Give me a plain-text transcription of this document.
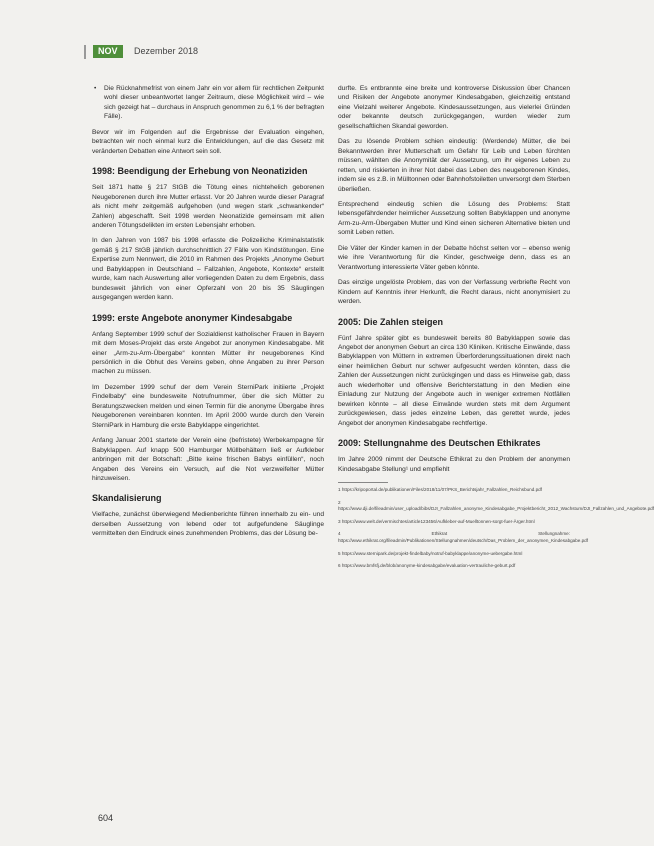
NOV	Dezember 2018
• Die Rücknahmefrist von einem Jahr ein vor allem für rechtlichen Zeitpunkt wohl dieser unbeantwortet langer Zeitraum, diese Möglichkeit wird – wie sich gezeigt hat – durchaus in Anspruch genommen zu 6,1 % der befragten Fälle).

Bevor wir im Folgenden auf die Ergebnisse der Evaluation eingehen, betrachten wir noch einmal kurz die Entwicklungen, auf die das Gesetz mit veränderten Debatten eine Antwort sein soll.

1998: Beendigung der Erhebung von Neonatiziden

Seit 1871 hatte § 217 StGB die Tötung eines nichtehelich geborenen Neugeborenen durch ihre Mutter erfasst. Vor 20 Jahren wurde dieser Paragraf als nicht mehr zeitgemäß aufgehoben (und wegen stark „schwankender“ Zahlen) abgeschafft. Seit 1998 werden Neonatizide gemeinsam mit allen anderen Tötungsdelikten im ersten Lebensjahr erhoben.

In den Jahren von 1987 bis 1998 erfasste die Polizeiliche Kriminalstatistik gemäß § 217 StGB jährlich durchschnittlich 27 Fälle von Kindstötungen. Eine Expertise zum Nennwert, die 2010 im Rahmen des Projekts „Anonyme Geburt und Babyklappen in Deutschland – Fallzahlen, Angebote, Kontexte“ erstellt wurde, kam nach Auswertung aller vorliegenden Daten zu dem Ergebnis, dass bundesweit jährlich von einer Opferzahl von 20 bis 35 Säuglingen ausgegangen werden kann.

1999: erste Angebote anonymer Kindesabgabe

Anfang September 1999 schuf der Sozialdienst katholischer Frauen in Bayern mit dem Moses-Projekt das erste Angebot zur anonymen Kindesabgabe. Mit einer „Arm-zu-Arm-Übergabe“ konnten Mütter ihr neugeborenes Kind persönlich in die Obhut des Vereins geben, ohne Angaben zu ihrer Person machen zu müssen.

Im Dezember 1999 schuf der dem Verein SterniPark initiierte „Projekt Findelbaby“ eine bundesweite Notrufnummer, über die sich Mütter zu Beratungszwecken melden und einen Termin für die anonyme Übergabe ihres Neugeborenen vereinbaren konnten. Im April 2000 wurde durch den Verein SterniPark in Hamburg die erste Babyklappe eingerichtet.

Anfang Januar 2001 startete der Verein eine (befristete) Werbekampagne für Babyklappen. Auf knapp 500 Hamburger Müllbehältern ließ er Aufkleber anbringen mit der Botschaft: „Bitte keine frischen Babys einfüllen“, noch Angaben des Vereins ein Versuch, auf die Not verzweifelter Mütter hinzuweisen.

Skandalisierung

Vielfache, zunächst überwiegend Medienberichte führen innerhalb zu ein- und derselben Aussetzung von lebend oder tot aufgefundene Säuglinge vermittelten den Eindruck eines zunehmenden Problems, das der Lösung be-

durfte. Es entbrannte eine breite und kontroverse Diskussion über Chancen und Risiken der Angebote anonymer Kindesabgaben, gleichzeitig entstand eine Vielzahl weiterer Angebote. Kindesaussetzungen, aus vielerlei Gründen oder bekannte deutsch zurückgegangen, wurden wieder zum gesellschaftlichen Skandal geworden.

Das zu lösende Problem schien eindeutig: (Werdende) Mütter, die bei Bekanntwerden ihrer Mutterschaft um Gefahr für Leib und Leben fürchten müssen, wählten die Anonymität der Aussetzung, um ihr eigenes Leben zu retten, und riskierten in ihrer Not dabei das Leben des neugeborenen Kindes, indem sie es z.B. in Mülltonnen oder Bahnhofstoiletten unversorgt dem Sterben überließen.

Entsprechend eindeutig schien die Lösung des Problems: Statt lebensgefährdender heimlicher Aussetzung sollten Babyklappen und anonyme Arm-zu-Arm-Übergaben Mutter und Kind einen sicheren Alternative bieten und somit Leben retten.

Die Väter der Kinder kamen in der Debatte höchst selten vor – ebenso wenig wie ihre Verantwortung für die Kinder, geschweige denn, dass es an Verantwortung interessierte Väter geben könnte.

Das einzige ungelöste Problem, das von der Verfassung verbriefte Recht von Kindern auf Kenntnis ihrer Herkunft, die Recht daraus, nicht anonymisiert zu werden.

2005: Die Zahlen steigen

Fünf Jahre später gibt es bundesweit bereits 80 Babyklappen sowie das Angebot der anonymen Geburt an circa 130 Kliniken. Kritische Einwände, dass Babyklappen von Müttern in extremen Überforderungssituationen direkt nach einer heimlichen Geburt nur schwer aufgesucht werden könnten, dass die Zahlen der Aussetzungen nicht zurückgingen und dass es Hinweise gab, dass auch wiederholter und offensive Berichterstattung in den Medien eine Einladung zur Nutzung der Angebote auch in weniger extremen Notfällen bewirken könnte – all diese Einwände wurden stets mit dem Argument zurückgewiesen, dass jedes einzelne Leben, das gerettet wurde, jedes Angebot der anonymen Kindesabgabe rechtfertige.

2009: Stellungnahme des Deutschen Ethikrates

Im Jahre 2009 nimmt der Deutsche Ethikrat zu den Problem der anonymen Kindesabgabe Stellung¹ und empfiehlt

1 https://kripoportal.de/publikationen/Files/2018/11/07/PKS_Berichtsjahr_Fallzahlen_Reichsbund.pdf

2 https://www.dji.de/fileadmin/user_upload/bibs/DJI_Fallzahlen_anonyme_Kindesabgabe_Projektbericht_2012_Wachstum/DJI_Fallzahlen_und_Angebote.pdf

3 https://www.welt.de/vermischtes/article123456/Aufkleber-auf-Muelltonnen-sorgt-fuer-Ärger.html

4 Ethikrat Stellungnahme: https://www.ethikrat.org/fileadmin/Publikationen/Stellungnahmen/deutsch/Das_Problem_der_anonymen_Kindesabgabe.pdf

5 https://www.sternipark.de/projekt-findelbaby/notruf-babyklappe/anonyme-uebergabe.html

6 https://www.bmfsfj.de/blob/anonyme-kindesabgabe/evaluation-vertrauliche-geburt.pdf

604
